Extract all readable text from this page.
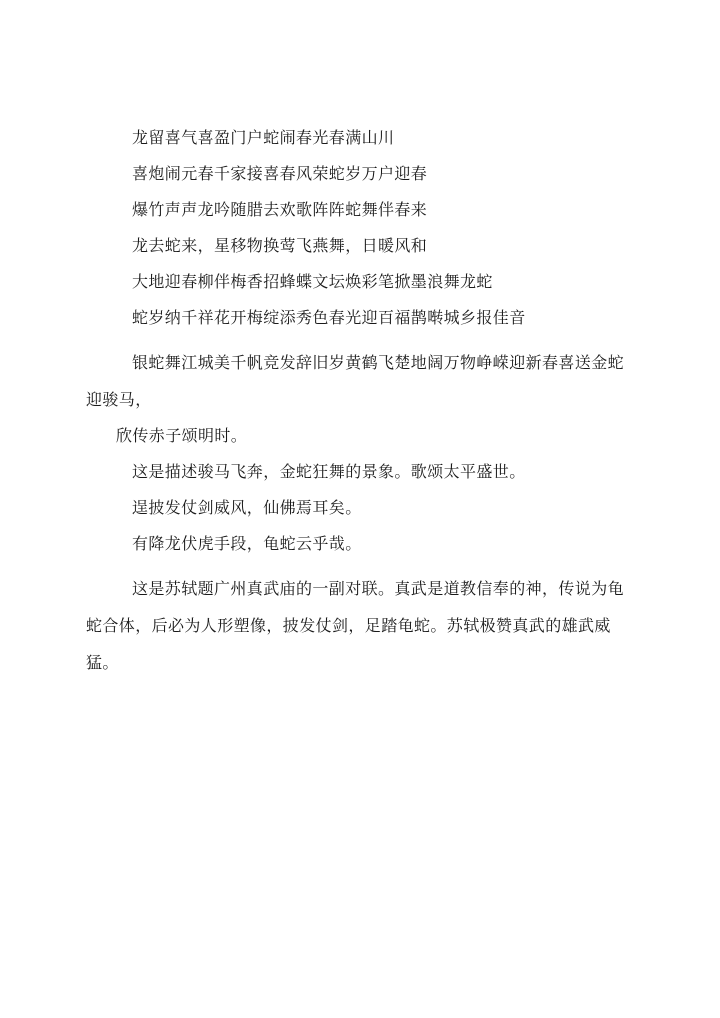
龙留喜气喜盈门户蛇闹春光春满山川

喜炮闹元春千家接喜春风荣蛇岁万户迎春

爆竹声声龙吟随腊去欢歌阵阵蛇舞伴春来

龙去蛇来，星移物换莺飞燕舞，日暖风和

大地迎春柳伴梅香招蜂蝶文坛焕彩笔掀墨浪舞龙蛇

蛇岁纳千祥花开梅绽添秀色春光迎百福鹊啭城乡报佳音

银蛇舞江城美千帆竞发辞旧岁黄鹤飞楚地阔万物峥嵘迎新春喜送金蛇迎骏马，

欣传赤子颂明时。

这是描述骏马飞奔，金蛇狂舞的景象。歌颂太平盛世。

逞披发仗剑威风，仙佛焉耳矣。

有降龙伏虎手段，龟蛇云乎哉。

这是苏轼题广州真武庙的一副对联。真武是道教信奉的神，传说为龟蛇合体，后必为人形塑像，披发仗剑，足踏龟蛇。苏轼极赞真武的雄武威猛。
